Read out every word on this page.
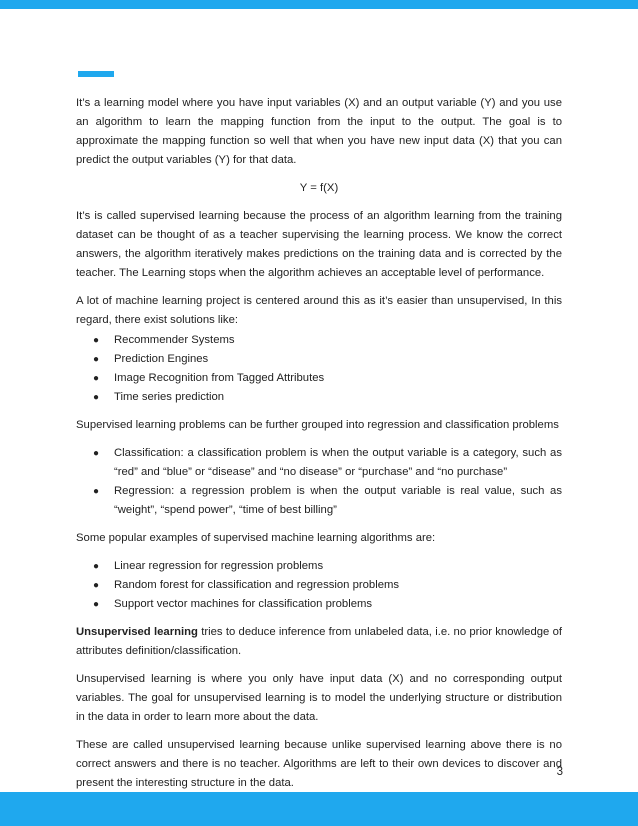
It’s a learning model where you have input variables (X) and an output variable (Y) and you use an algorithm to learn the mapping function from the input to the output. The goal is to approximate the mapping function so well that when you have new input data (X) that you can predict the output variables (Y) for that data.

Y = f(X)

It’s is called supervised learning because the process of an algorithm learning from the training dataset can be thought of as a teacher supervising the learning process. We know the correct answers, the algorithm iteratively makes predictions on the training data and is corrected by the teacher. The Learning stops when the algorithm achieves an acceptable level of performance.

A lot of machine learning project is centered around this as it’s easier than unsupervised, In this regard, there exist solutions like:

● Recommender Systems
● Prediction Engines
● Image Recognition from Tagged Attributes
● Time series prediction

Supervised learning problems can be further grouped into regression and classification problems

● Classification: a classification problem is when the output variable is a category, such as “red” and “blue” or “disease” and “no disease” or “purchase” and “no purchase”
● Regression: a regression problem is when the output variable is real value, such as “weight”, “spend power”, “time of best billing”

Some popular examples of supervised machine learning algorithms are:

● Linear regression for regression problems
● Random forest for classification and regression problems
● Support vector machines for classification problems

Unsupervised learning tries to deduce inference from unlabeled data, i.e. no prior knowledge of attributes definition/classification.

Unsupervised learning is where you only have input data (X) and no corresponding output variables. The goal for unsupervised learning is to model the underlying structure or distribution in the data in order to learn more about the data.

These are called unsupervised learning because unlike supervised learning above there is no correct answers and there is no teacher. Algorithms are left to their own devices to discover and present the interesting structure in the data.

3
